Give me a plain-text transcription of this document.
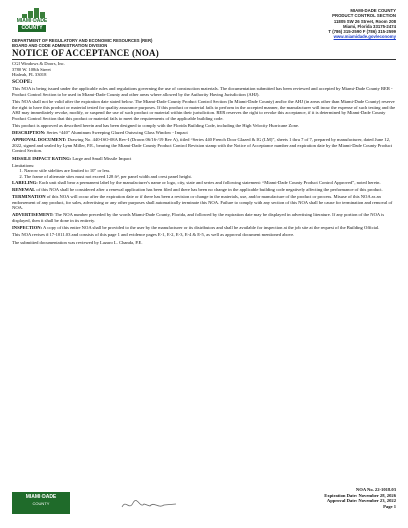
MIAMI·DADE
COUNTY
DEPARTMENT OF REGULATORY AND ECONOMIC RESOURCES (RER)
BOARD AND CODE ADMINISTRATION DIVISION
MIAMI-DADE COUNTY
PRODUCT CONTROL SECTION
11805 SW 26 Street, Room 208
Miami, Florida 33175-2474
T (786) 315-2590 F (786) 315-2599
www.miamidade.gov/economy
NOTICE OF ACCEPTANCE (NOA)

CGI Windows & Doors, Inc.
3780 W. 108th Street
Hialeah, FL 33018

SCOPE:

This NOA is being issued under the applicable rules and regulations governing the use of construction materials. The documentation submitted has been reviewed and accepted by Miami-Dade County RER - Product Control Section to be used in Miami-Dade County and other areas where allowed by the Authority Having Jurisdiction (AHJ).

This NOA shall not be valid after the expiration date stated below. The Miami-Dade County Product Control Section (In Miami-Dade County) and/or the AHJ (in areas other than Miami-Dade County) reserve the right to have this product or material tested for quality assurance purposes. If this product or material fails to perform in the accepted manner, the manufacturer will incur the expense of such testing and the AHJ may immediately revoke, modify, or suspend the use of such product or material within their jurisdiction. RER reserves the right to revoke this acceptance, if it is determined by Miami-Dade County Product Control Section that this product or material fails to meet the requirements of the applicable building code.

This product is approved as described herein and has been designed to comply with the Florida Building Code, including the High Velocity Hurricane Zone.

DESCRIPTION: Series “440” Aluminum Sweeping Glazed Outswing Glass Window - Impact

APPROVAL DOCUMENT: Drawing No. 440-ISO-08A Rev-I (Drawn 06/16-/19 Rev A), titled “Series 440 French Door Glazed & IG (LM)”, sheets 1 thru 7 of 7, prepared by manufacturer, dated June 12, 2022, signed and sealed by Lynn Miller, P.E., bearing the Miami-Dade County Product Control Revision stamp with the Notice of Acceptance number and expiration date by the Miami-Dade County Product Control Section.

MISSILE IMPACT RATING: Large and Small Missile Impact

Limitations:

1. Narrow stile sidelites are limited to 10" or less.
2. The frame of alternate sites must not exceed 128 ft², per panel width and crest panel height.

LABELING: Each unit shall bear a permanent label by the manufacturer's name or logo, city, state and series and following statement: “Miami-Dade County Product Control Approved”, noted herein.

RENEWAL of this NOA shall be considered after a renewal application has been filed and there has been no change in the applicable building code negatively affecting the performance of this product.

TERMINATION of this NOA will occur after the expiration date or if there has been a revision or change in the materials, use, and/or manufacture of the product or process. Misuse of this NOA as an endorsement of any product, for sales, advertising or any other purposes shall automatically terminate this NOA. Failure to comply with any section of this NOA shall be cause for termination and removal of NOA.

ADVERTISEMENT: The NOA number preceded by the words Miami-Dade County, Florida, and followed by the expiration date may be displayed in advertising literature. If any portion of the NOA is displayed, then it shall be done in its entirety.

INSPECTION: A copy of this entire NOA shall be provided to the user by the manufacturer or its distributors and shall be available for inspection at the job site at the request of the Building Official.

This NOA revises # 17-1011.03 and consists of this page 1 and evidence pages E-1, E-2, E-3, E-4 & E-5, as well as approval document mentioned above.

The submitted documentation was reviewed by Lazaro L. Chanda, P.E.

MIAMI·DADE
COUNTY
NOA No. 22-1018.03
Expiration Date: November 28, 2026
Approval Date: November 23, 2022
Page 1
